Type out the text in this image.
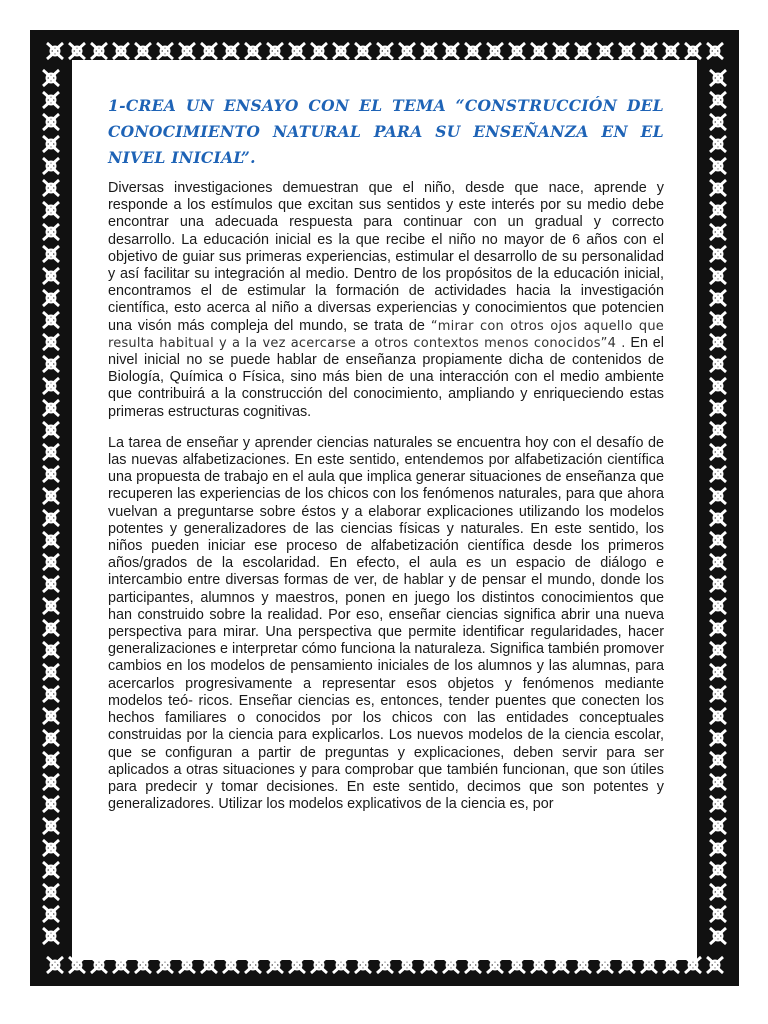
1-CREA UN ENSAYO CON EL TEMA “CONSTRUCCIÓN DEL CONOCIMIENTO NATURAL PARA SU ENSEÑANZA EN EL NIVEL INICIAL”.

Diversas investigaciones demuestran que el niño, desde que nace, aprende y responde a los estímulos que excitan sus sentidos y este interés por su medio debe encontrar una adecuada respuesta para continuar con un gradual y correcto desarrollo. La educación inicial es la que recibe el niño no mayor de 6 años con el objetivo de guiar sus primeras experiencias, estimular el desarrollo de su personalidad y así facilitar su integración al medio. Dentro de los propósitos de la educación inicial, encontramos el de estimular la formación de actividades hacia la investigación científica, esto acerca al niño a diversas experiencias y conocimientos que potencien una visón más compleja del mundo, se trata de “mirar con otros ojos aquello que resulta habitual y a la vez acercarse a otros contextos menos conocidos”4 . En el nivel inicial no se puede hablar de enseñanza propiamente dicha de contenidos de Biología, Química o Física, sino más bien de una interacción con el medio ambiente que contribuirá a la construcción del conocimiento, ampliando y enriqueciendo estas primeras estructuras cognitivas.

La tarea de enseñar y aprender ciencias naturales se encuentra hoy con el desafío de las nuevas alfabetizaciones. En este sentido, entendemos por alfabetización científica una propuesta de trabajo en el aula que implica generar situaciones de enseñanza que recuperen las experiencias de los chicos con los fenómenos naturales, para que ahora vuelvan a preguntarse sobre éstos y a elaborar explicaciones utilizando los modelos potentes y generalizadores de las ciencias físicas y naturales. En este sentido, los niños pueden iniciar ese proceso de alfabetización científica desde los primeros años/grados de la escolaridad. En efecto, el aula es un espacio de diálogo e intercambio entre diversas formas de ver, de hablar y de pensar el mundo, donde los participantes, alumnos y maestros, ponen en juego los distintos conocimientos que han construido sobre la realidad. Por eso, enseñar ciencias significa abrir una nueva perspectiva para mirar. Una perspectiva que permite identificar regularidades, hacer generalizaciones e interpretar cómo funciona la naturaleza. Significa también promover cambios en los modelos de pensamiento iniciales de los alumnos y las alumnas, para acercarlos progresivamente a representar esos objetos y fenómenos mediante modelos teó- ricos. Enseñar ciencias es, entonces, tender puentes que conecten los hechos familiares o conocidos por los chicos con las entidades conceptuales construidas por la ciencia para explicarlos. Los nuevos modelos de la ciencia escolar, que se configuran a partir de preguntas y explicaciones, deben servir para ser aplicados a otras situaciones y para comprobar que también funcionan, que son útiles para predecir y tomar decisiones. En este sentido, decimos que son potentes y generalizadores. Utilizar los modelos explicativos de la ciencia es, por
